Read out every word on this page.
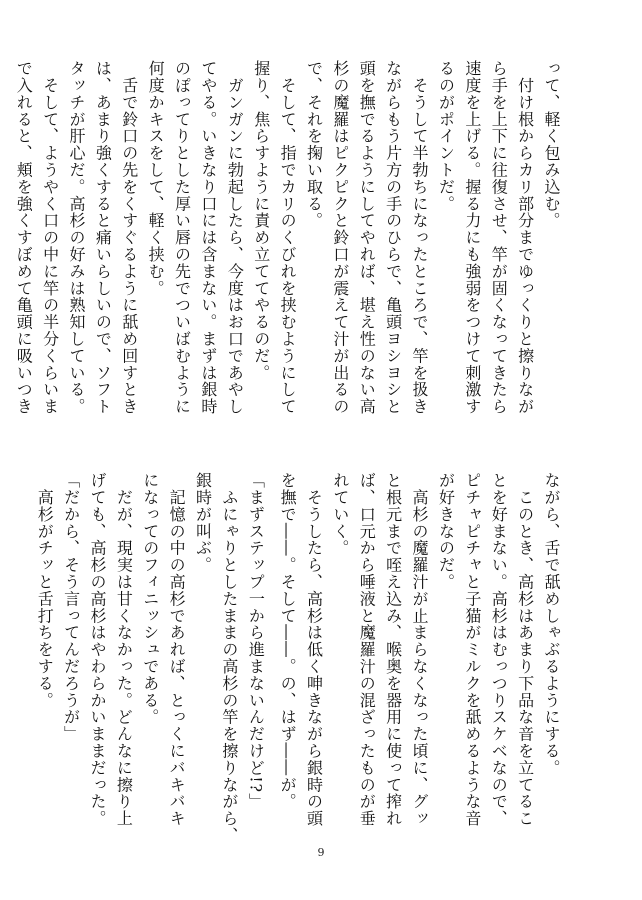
って、軽く包み込む。
　付け根からカリ部分までゆっくりと擦りなが
ら手を上下に往復させ、竿が固くなってきたら
速度を上げる。握る力にも強弱をつけて刺激す
るのがポイントだ。
　そうして半勃ちになったところで、竿を扱き
ながらもう片方の手のひらで、亀頭ヨシヨシと
頭を撫でるようにしてやれば、堪え性のない高
杉の魔羅はピクピクと鈴口が震えて汁が出るの
で、それを掬い取る。
　そして、指でカリのくびれを挟むようにして
握り、焦らすように責め立ててやるのだ。
　ガンガンに勃起したら、今度はお口であやし
てやる。いきなり口には含まない。まずは銀時
のぽってりとした厚い唇の先でついばむように
何度かキスをして、軽く挟む。
　舌で鈴口の先をくすぐるように舐め回すとき
は、あまり強くすると痛いらしいので、ソフト
タッチが肝心だ。高杉の好みは熟知している。
　そして、ようやく口の中に竿の半分くらいま
で入れると、頬を強くすぼめて亀頭に吸いつき
ながら、舌で舐めしゃぶるようにする。
　このとき、高杉はあまり下品な音を立てるこ
とを好まない。高杉はむっつりスケベなので、
ピチャピチャと子猫がミルクを舐めるような音
が好きなのだ。
　高杉の魔羅汁が止まらなくなった頃に、グッ
と根元まで咥え込み、喉奥を器用に使って搾れ
ば、口元から唾液と魔羅汁の混ざったものが垂
れていく。
　そうしたら、高杉は低く呻きながら銀時の頭
を撫で――。そして――。の、はず――が。
「まずステップ一から進まないんだけど!?」
　ふにゃりとしたままの高杉の竿を擦りながら、
銀時が叫ぶ。
　記憶の中の高杉であれば、とっくにバキバキ
になってのフィニッシュである。
　だが、現実は甘くなかった。どんなに擦り上
げても、高杉の高杉はやわらかいままだった。
「だから、そう言ってんだろうが」
　高杉がチッと舌打ちをする。
9
